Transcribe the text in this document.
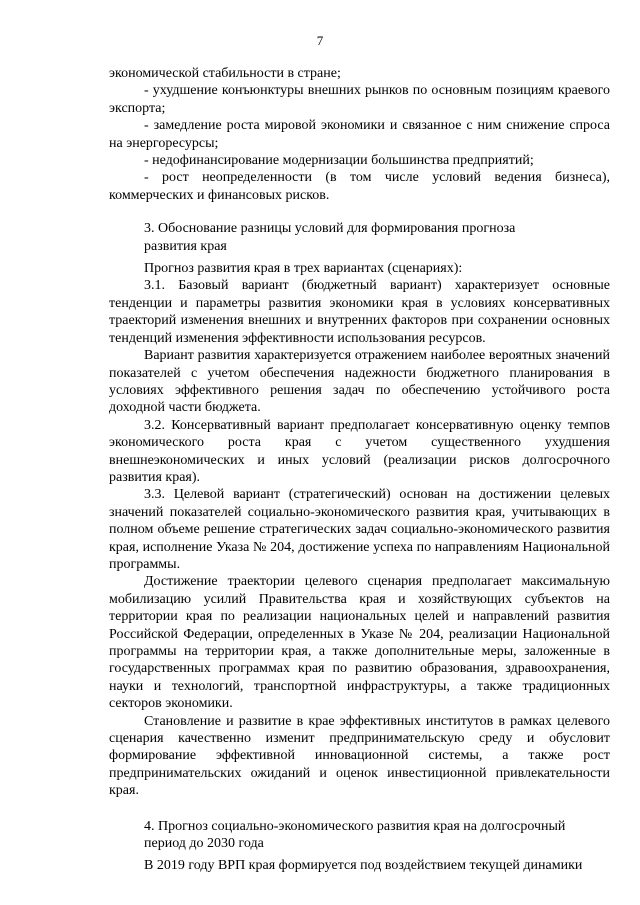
7

экономической стабильности в стране;

- ухудшение конъюнктуры внешних рынков по основным позициям краевого экспорта;

- замедление роста мировой экономики и связанное с ним снижение спроса на энергоресурсы;

- недофинансирование модернизации большинства предприятий;

- рост неопределенности (в том числе условий ведения бизнеса), коммерческих и финансовых рисков.

3. Обоснование разницы условий для формирования прогноза развития края

Прогноз развития края в трех вариантах (сценариях):

3.1. Базовый вариант (бюджетный вариант) характеризует основные тенденции и параметры развития экономики края в условиях консервативных траекторий изменения внешних и внутренних факторов при сохранении основных тенденций изменения эффективности использования ресурсов.

Вариант развития характеризуется отражением наиболее вероятных значений показателей с учетом обеспечения надежности бюджетного планирования в условиях эффективного решения задач по обеспечению устойчивого роста доходной части бюджета.

3.2. Консервативный вариант предполагает консервативную оценку темпов экономического роста края с учетом существенного ухудшения внешнеэкономических и иных условий (реализации рисков долгосрочного развития края).

3.3. Целевой вариант (стратегический) основан на достижении целевых значений показателей социально-экономического развития края, учитывающих в полном объеме решение стратегических задач социально-экономического развития края, исполнение Указа № 204, достижение успеха по направлениям Национальной программы.

Достижение траектории целевого сценария предполагает максимальную мобилизацию усилий Правительства края и хозяйствующих субъектов на территории края по реализации национальных целей и направлений развития Российской Федерации, определенных в Указе № 204, реализации Национальной программы на территории края, а также дополнительные меры, заложенные в государственных программах края по развитию образования, здравоохранения, науки и технологий, транспортной инфраструктуры, а также традиционных секторов экономики.

Становление и развитие в крае эффективных институтов в рамках целевого сценария качественно изменит предпринимательскую среду и обусловит формирование эффективной инновационной системы, а также рост предпринимательских ожиданий и оценок инвестиционной привлекательности края.

4. Прогноз социально-экономического развития края на долгосрочный период до 2030 года

В 2019 году ВРП края формируется под воздействием текущей динамики
